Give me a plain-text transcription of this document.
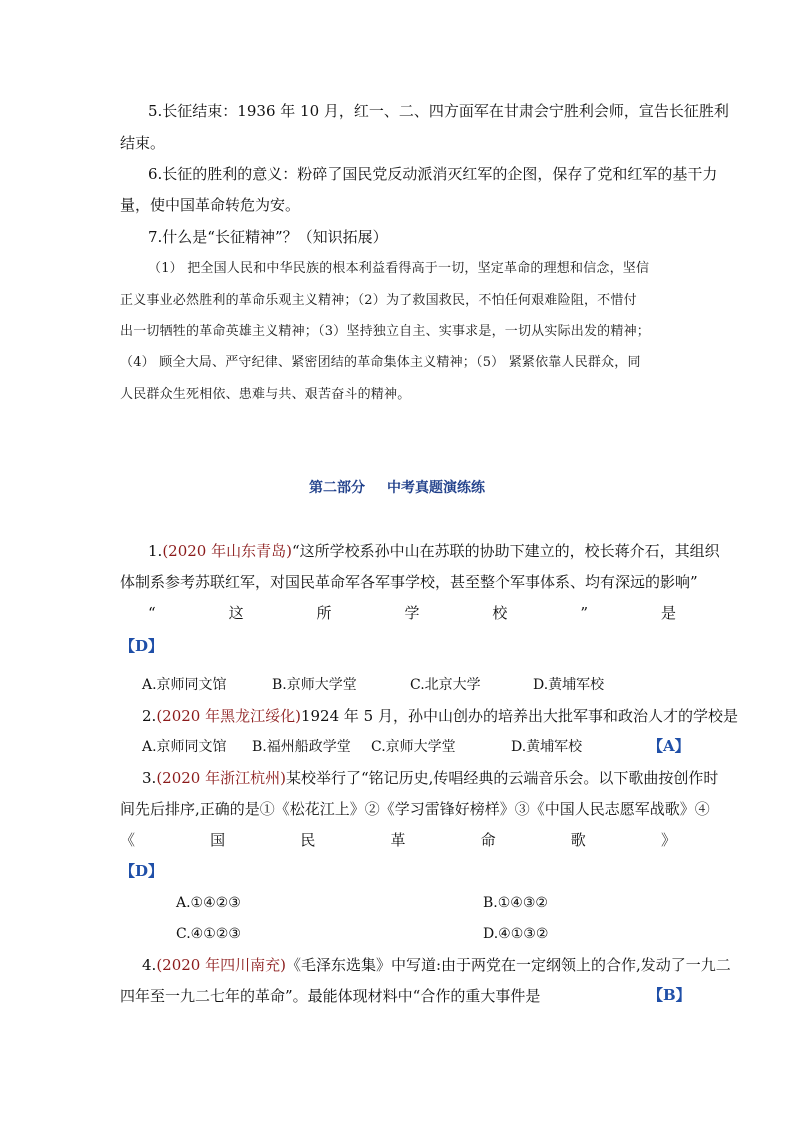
5.长征结束：1936 年 10 月，红一、二、四方面军在甘肃会宁胜利会师，宣告长征胜利
结束。
6.长征的胜利的意义：粉碎了国民党反动派消灭红军的企图，保存了党和红军的基干力
量，使中国革命转危为安。
7.什么是“长征精神”？（知识拓展）
（1） 把全国人民和中华民族的根本利益看得高于一切，坚定革命的理想和信念，坚信
正义事业必然胜利的革命乐观主义精神；（2）为了救国救民，不怕任何艰难险阻，不惜付
出一切牺牲的革命英雄主义精神；（3）坚持独立自主、实事求是，一切从实际出发的精神；
（4） 顾全大局、严守纪律、紧密团结的革命集体主义精神；（5） 紧紧依靠人民群众，同
人民群众生死相依、患难与共、艰苦奋斗的精神。
第二部分 中考真题演练练
1.(2020 年山东青岛)“这所学校系孙中山在苏联的协助下建立的，校长蒋介石，其组织
体制系参考苏联红军，对国民革命军各军事学校，甚至整个军事体系、均有深远的影响”
“	这	所	学	校	”	是
【D】
A.京师同文馆	B.京师大学堂	C.北京大学	D.黄埔军校
2.(2020 年黑龙江绥化)1924 年 5 月，孙中山创办的培养出大批军事和政治人才的学校是
A.京师同文馆 B.福州船政学堂 C.京师大学堂	D.黄埔军校	【A】
3.(2020 年浙江杭州)某校举行了“铭记历史,传唱经典的云端音乐会。以下歌曲按创作时
间先后排序,正确的是①《松花江上》②《学习雷锋好榜样》③《中国人民志愿军战歌》④
《	国	民	革	命	歌	》
【D】
A.①④②③	B.①④③②
C.④①②③	D.④①③②
4.(2020 年四川南充)《毛泽东选集》中写道:由于两党在一定纲领上的合作,发动了一九二
四年至一九二七年的革命”。最能体现材料中“合作的重大事件是	【B】
